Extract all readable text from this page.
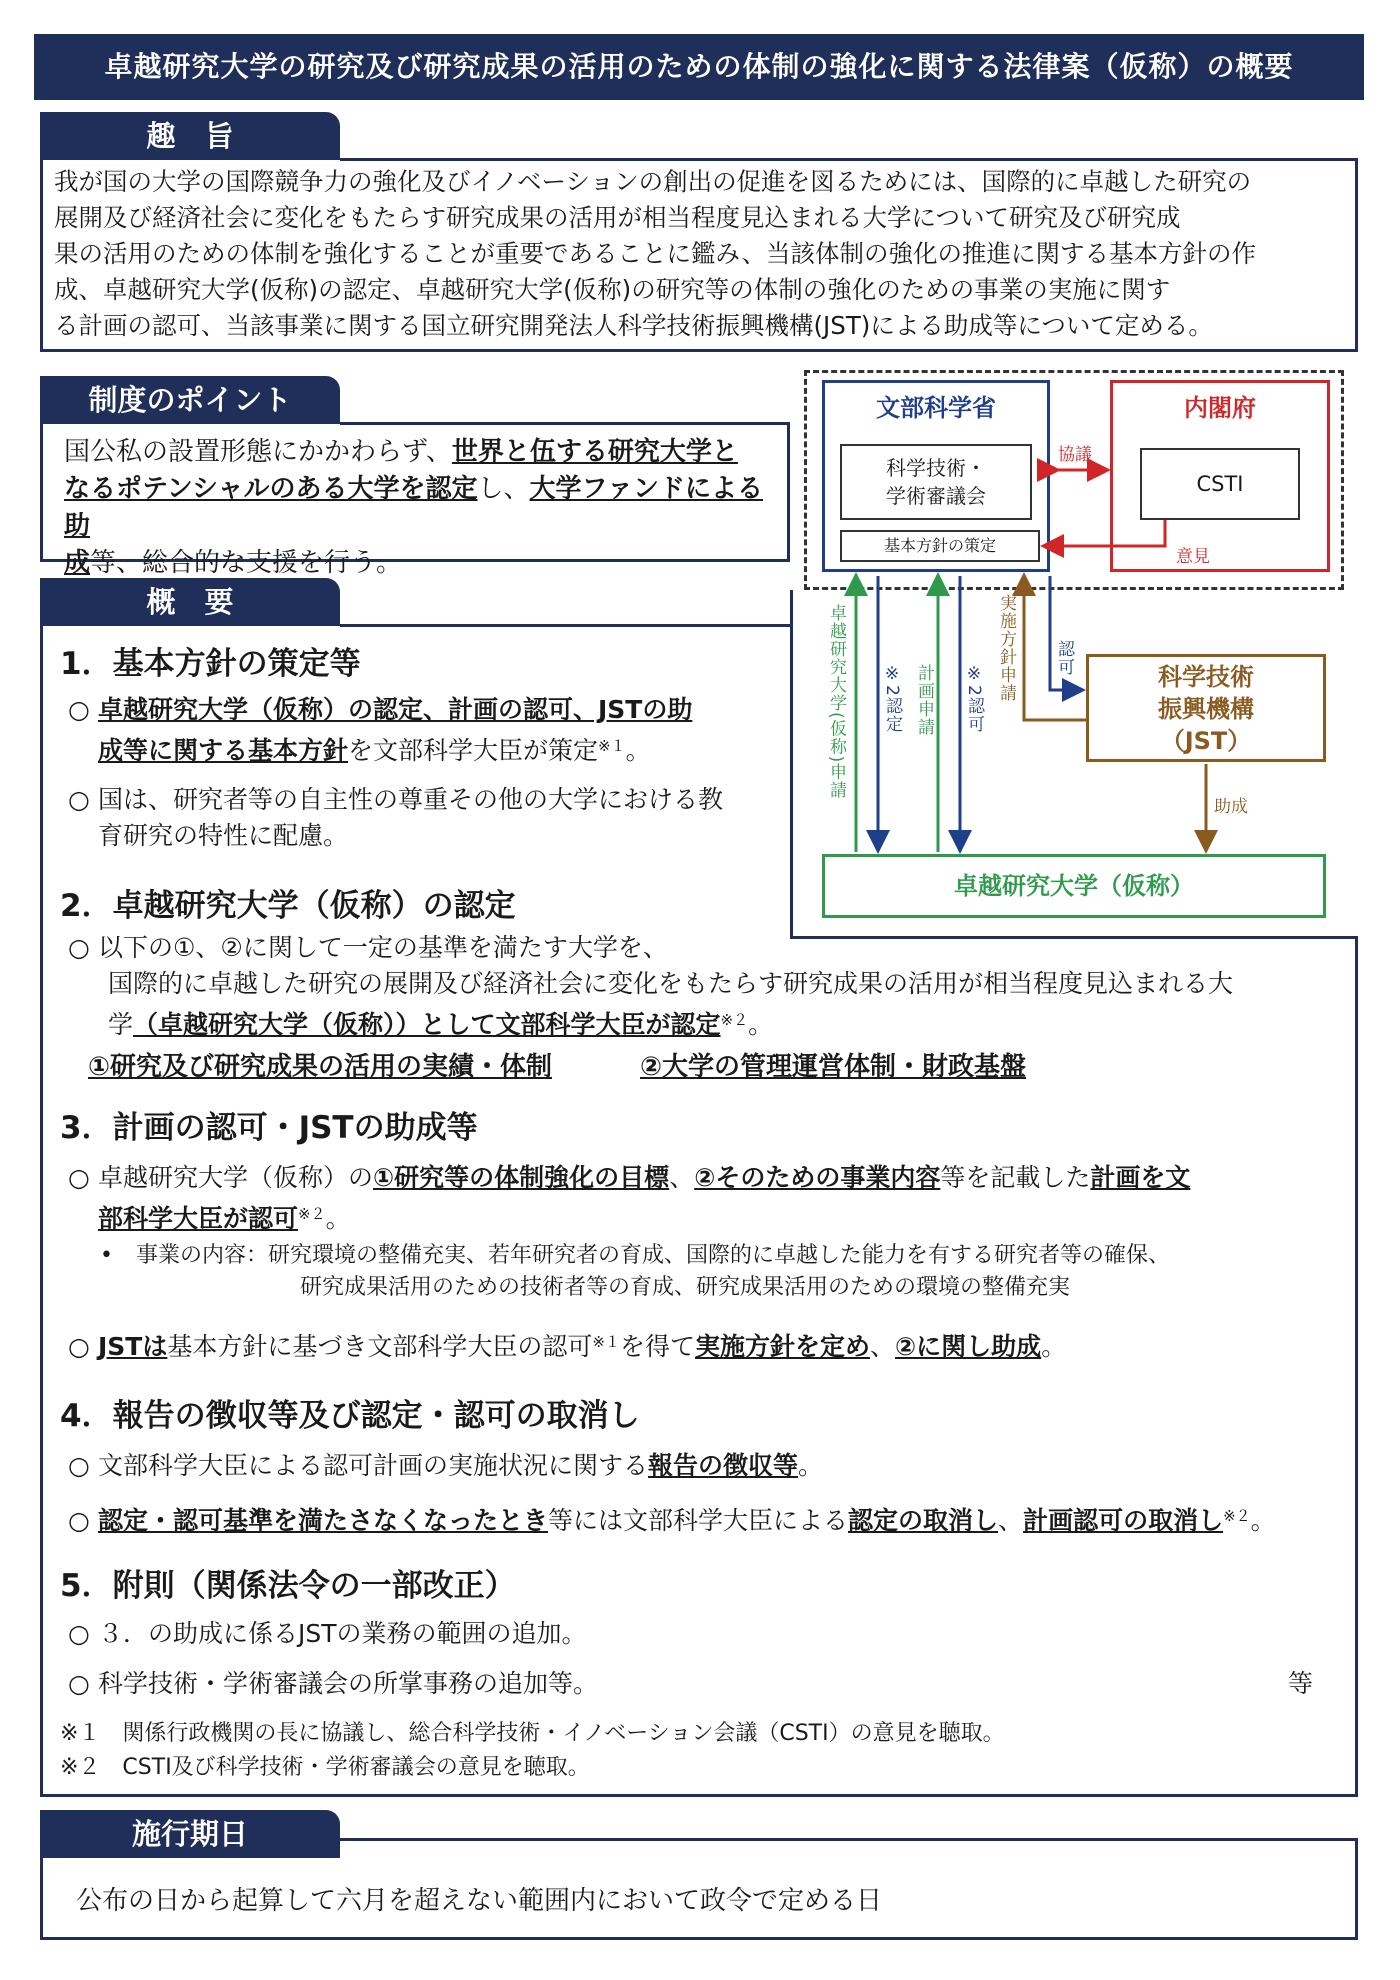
卓越研究大学の研究及び研究成果の活用のための体制の強化に関する法律案（仮称）の概要
趣　旨
我が国の大学の国際競争力の強化及びイノベーションの創出の促進を図るためには、国際的に卓越した研究の
展開及び経済社会に変化をもたらす研究成果の活用が相当程度見込まれる大学について研究及び研究成
果の活用のための体制を強化することが重要であることに鑑み、当該体制の強化の推進に関する基本方針の作
成、卓越研究大学(仮称)の認定、卓越研究大学(仮称)の研究等の体制の強化のための事業の実施に関す
る計画の認可、当該事業に関する国立研究開発法人科学技術振興機構(JST)による助成等について定める。
制度のポイント
国公私の設置形態にかかわらず、世界と伍する研究大学と
なるポテンシャルのある大学を認定し、大学ファンドによる助
成等、総合的な支援を行う。
文部科学省
科学技術・
学術審議会
基本方針の策定
内閣府
CSTI
科学技術
振興機構
（JST）
卓越研究大学（仮称）
協議
意見
卓越研究大学(仮称)申請 ※2認定 計画申請 ※2認可 実施方針申請 認可
助成
概　要
1．基本方針の策定等
○ 卓越研究大学（仮称）の認定、計画の認可、JSTの助
成等に関する基本方針を文部科学大臣が策定$^{※1}$。
○ 国は、研究者等の自主性の尊重その他の大学における教
育研究の特性に配慮。
2．卓越研究大学（仮称）の認定
○ 以下の①、②に関して一定の基準を満たす大学を、
国際的に卓越した研究の展開及び経済社会に変化をもたらす研究成果の活用が相当程度見込まれる大
学（卓越研究大学（仮称））として文部科学大臣が認定$^{※2}$。
①研究及び研究成果の活用の実績・体制	②大学の管理運営体制・財政基盤
3．計画の認可・JSTの助成等
○ 卓越研究大学（仮称）の①研究等の体制強化の目標、②そのための事業内容等を記載した計画を文
部科学大臣が認可$^{※2}$。
• 事業の内容：研究環境の整備充実、若年研究者の育成、国際的に卓越した能力を有する研究者等の確保、
研究成果活用のための技術者等の育成、研究成果活用のための環境の整備充実
○ JSTは基本方針に基づき文部科学大臣の認可$^{※1}$を得て実施方針を定め、②に関し助成。
4．報告の徴収等及び認定・認可の取消し
○ 文部科学大臣による認可計画の実施状況に関する報告の徴収等。
○ 認定・認可基準を満たさなくなったとき等には文部科学大臣による認定の取消し、計画認可の取消し$^{※2}$。
5．附則（関係法令の一部改正）
○ ３．の助成に係るJSTの業務の範囲の追加。
○ 科学技術・学術審議会の所掌事務の追加等。	等
※１　関係行政機関の長に協議し、総合科学技術・イノベーション会議（CSTI）の意見を聴取。
※２　CSTI及び科学技術・学術審議会の意見を聴取。
施行期日
公布の日から起算して六月を超えない範囲内において政令で定める日
